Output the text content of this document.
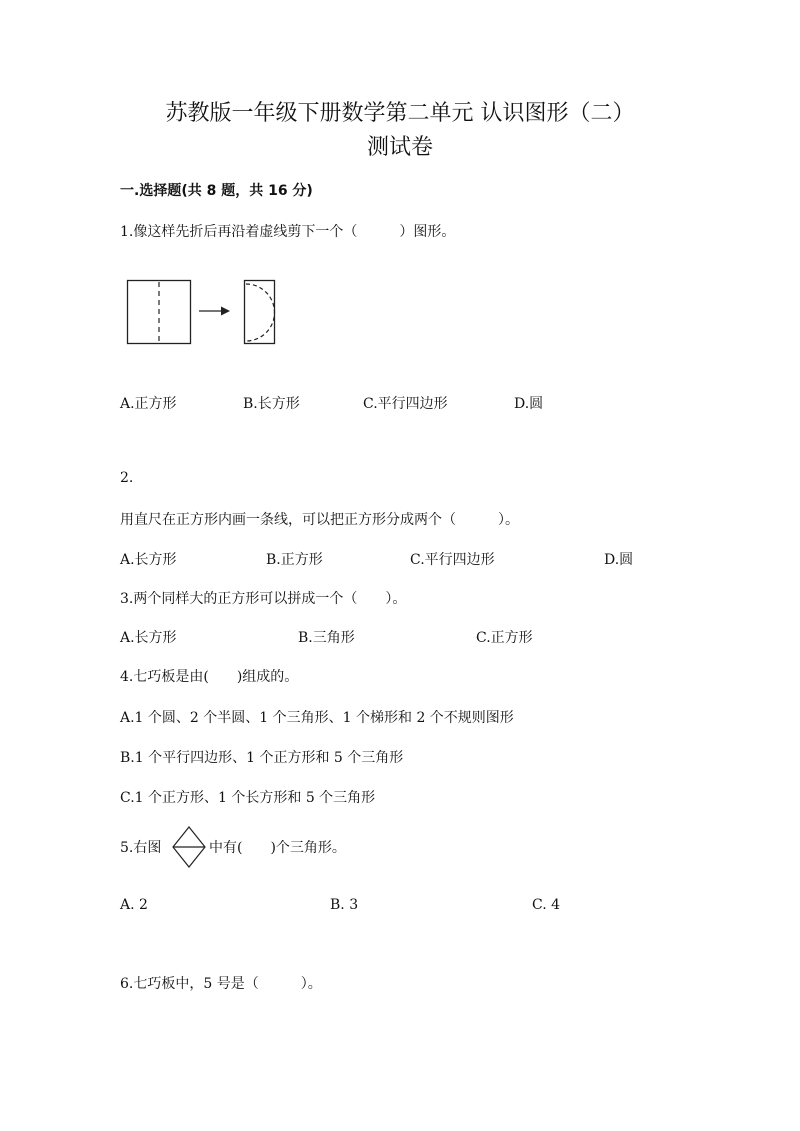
苏教版一年级下册数学第二单元 认识图形（二）
测试卷
一.选择题(共 8 题，共 16 分)
1.像这样先折后再沿着虚线剪下一个（　　　）图形。
A.正方形	B.长方形	C.平行四边形	D.圆
2.
用直尺在正方形内画一条线，可以把正方形分成两个（　　　）。
A.长方形	B.正方形	C.平行四边形	D.圆
3.两个同样大的正方形可以拼成一个（　　）。
A.长方形	B.三角形	C.正方形
4.七巧板是由(　　)组成的。
A.1 个圆、2 个半圆、1 个三角形、1 个梯形和 2 个不规则图形
B.1 个平行四边形、1 个正方形和 5 个三角形
C.1 个正方形、1 个长方形和 5 个三角形
5.右图	中有(　　)个三角形。
A. 2	B. 3	C. 4
6.七巧板中，5 号是（　　　）。
